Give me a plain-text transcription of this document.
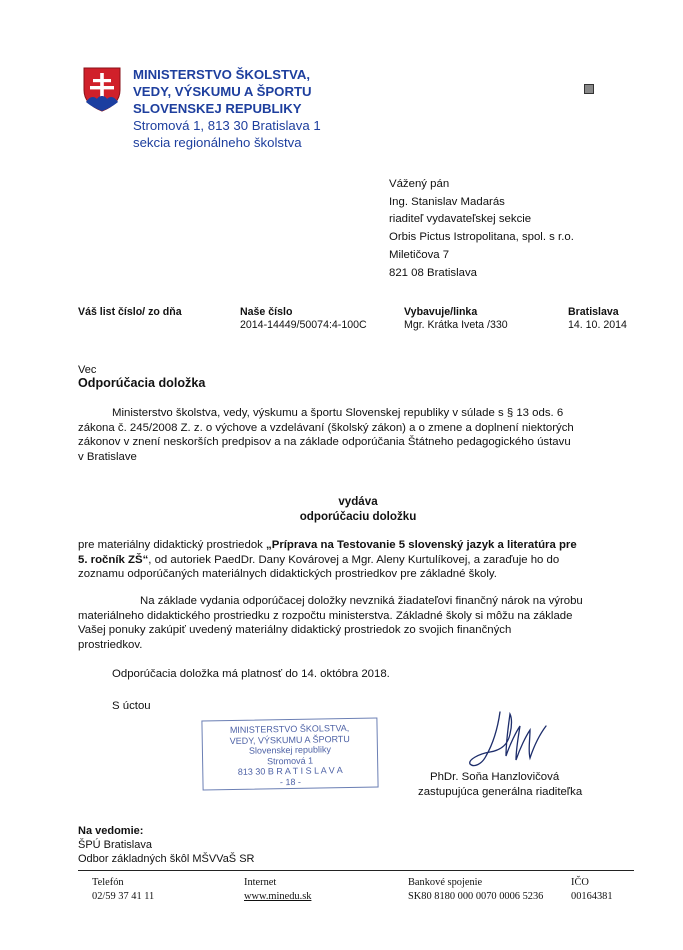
MINISTERSTVO ŠKOLSTVA,
VEDY, VÝSKUMU A ŠPORTU
SLOVENSKEJ REPUBLIKY
Stromová 1, 813 30 Bratislava 1
sekcia regionálneho školstva
Vážený pán
Ing. Stanislav Madarás
riaditeľ vydavateľskej sekcie
Orbis Pictus Istropolitana, spol. s r.o.
Miletičova 7
821 08 Bratislava
Váš list číslo/ zo dňa	Naše číslo
2014-14449/50074:4-100C
Vybavuje/linka
Mgr. Krátka Iveta /330
Bratislava
14. 10. 2014
Vec
Odporúčacia doložka
Ministerstvo školstva, vedy, výskumu a športu Slovenskej republiky v súlade s § 13 ods. 6
zákona č. 245/2008 Z. z. o výchove a vzdelávaní (školský zákon) a o zmene a doplnení niektorých
zákonov v znení neskorších predpisov a na základe odporúčania Štátneho pedagogického ústavu
v Bratislave
vydáva
odporúčaciu doložku
pre materiálny didaktický prostriedok „Príprava na Testovanie 5 slovenský jazyk a literatúra pre
5. ročník ZŠ“, od autoriek PaedDr. Dany Kovárovej a Mgr. Aleny Kurtulíkovej, a zaraďuje ho do
zoznamu odporúčaných materiálnych didaktických prostriedkov pre základné školy.
Na základe vydania odporúčacej doložky nevzniká žiadateľovi finančný nárok na výrobu
materiálneho didaktického prostriedku z rozpočtu ministerstva. Základné školy si môžu na základe
Vašej ponuky zakúpiť uvedený materiálny didaktický prostriedok zo svojich finančných
prostriedkov.
Odporúčacia doložka má platnosť do 14. októbra 2018.
S úctou
MINISTERSTVO ŠKOLSTVA,
VEDY, VÝSKUMU A ŠPORTU
Slovenskej republiky
Stromová 1
813 30 B R A T I S L A V A
- 18 -	PhDr. Soňa Hanzlovičová
zastupujúca generálna riaditeľka
Na vedomie:
ŠPÚ Bratislava
Odbor základných škôl MŠVVaŠ SR
Telefón
02/59 37 41 11
Internet
www.minedu.sk
Bankové spojenie
SK80 8180 000 0070 0006 5236
IČO
00164381
